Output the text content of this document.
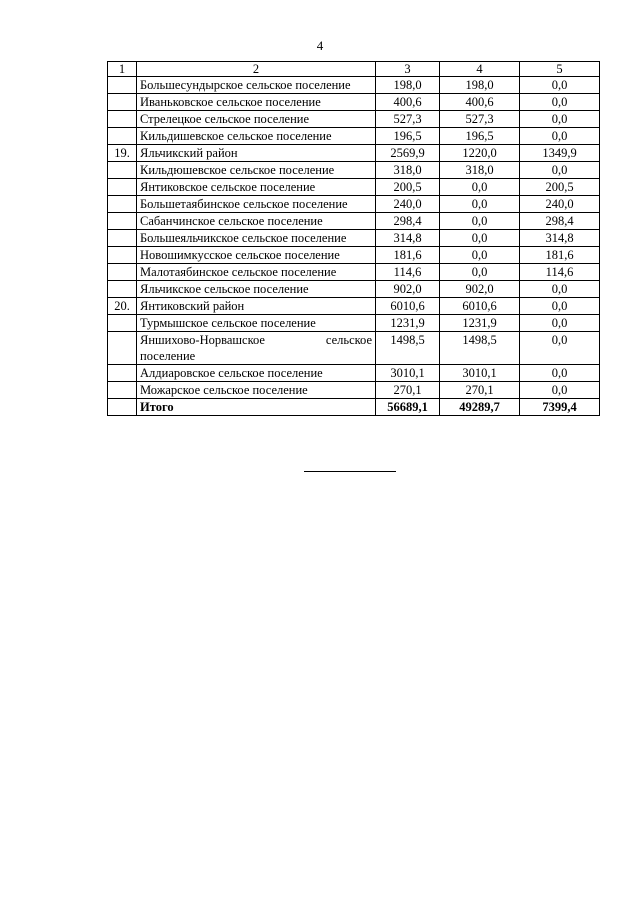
4
1	2	3	4	5
	Большесундырское сельское поселение	198,0	198,0	0,0
	Иваньковское сельское поселение	400,6	400,6	0,0
	Стрелецкое сельское поселение	527,3	527,3	0,0
	Кильдишевское сельское поселение	196,5	196,5	0,0
19.	Яльчикский район	2569,9	1220,0	1349,9
	Кильдюшевское сельское поселение	318,0	318,0	0,0
	Янтиковское сельское поселение	200,5	0,0	200,5
	Большетаябинское сельское поселение	240,0	0,0	240,0
	Сабанчинское сельское поселение	298,4	0,0	298,4
	Большеяльчикское сельское поселение	314,8	0,0	314,8
	Новошимкусское сельское поселение	181,6	0,0	181,6
	Малотаябинское сельское поселение	114,6	0,0	114,6
	Яльчикское сельское поселение	902,0	902,0	0,0
20.	Янтиковский район	6010,6	6010,6	0,0
	Турмышское сельское поселение	1231,9	1231,9	0,0
	Яншихово-Норвашское сельское поселение	1498,5	1498,5	0,0
	Алдиаровское сельское поселение	3010,1	3010,1	0,0
	Можарское сельское поселение	270,1	270,1	0,0
	Итого	56689,1	49289,7	7399,4
